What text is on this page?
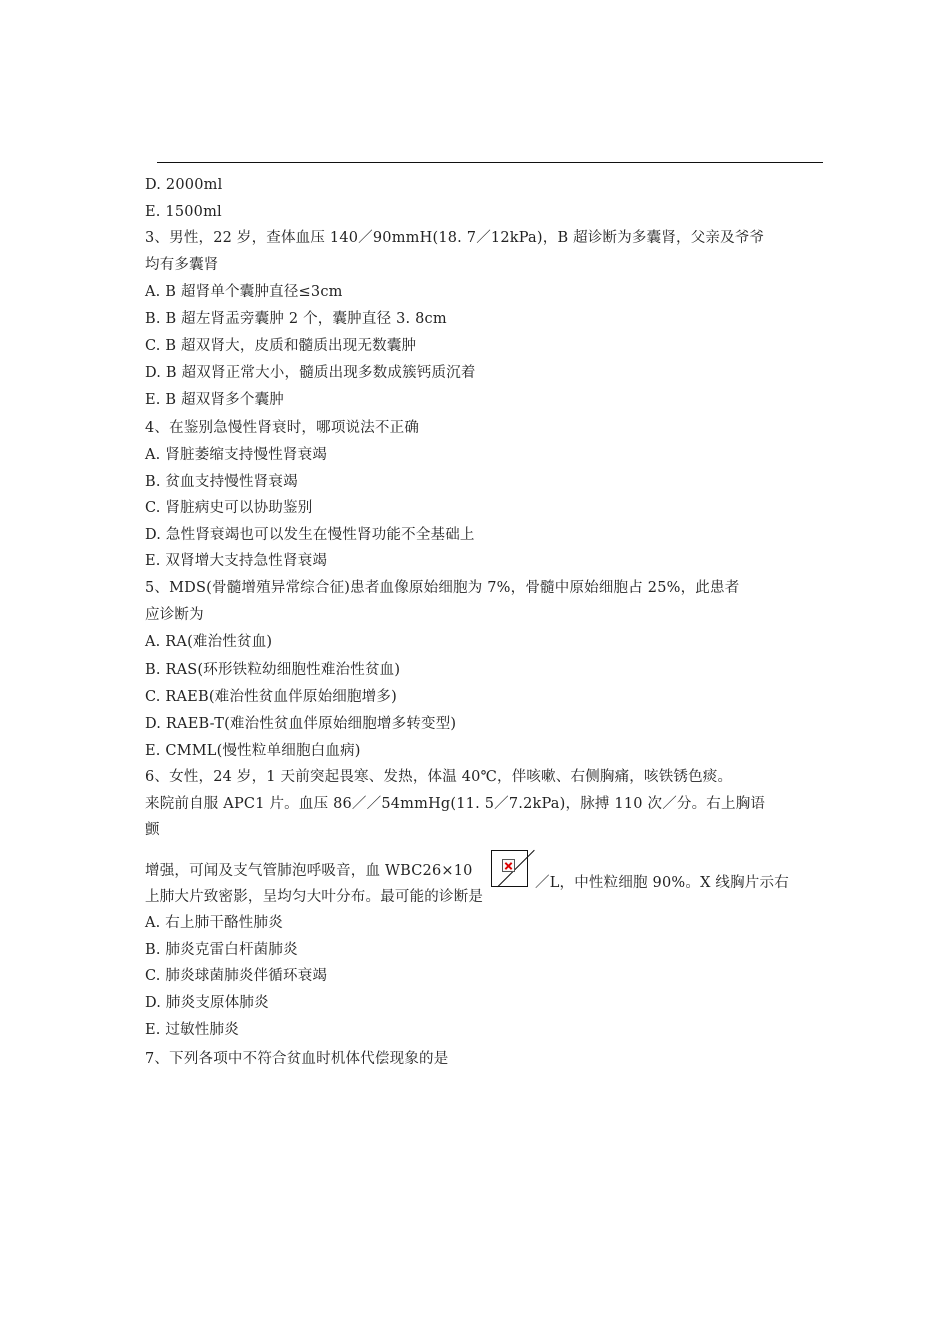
D. 2000ml
E. 1500ml
3、男性，22 岁，查体血压 140／90mmH(18. 7／12kPa)，B 超诊断为多囊肾，父亲及爷爷
均有多囊肾
A. B 超肾单个囊肿直径≤3cm
B. B 超左肾盂旁囊肿 2 个，囊肿直径 3. 8cm
C. B 超双肾大，皮质和髓质出现无数囊肿
D. B 超双肾正常大小，髓质出现多数成簇钙质沉着
E. B 超双肾多个囊肿
4、在鉴别急慢性肾衰时，哪项说法不正确
A. 肾脏萎缩支持慢性肾衰竭
B. 贫血支持慢性肾衰竭
C. 肾脏病史可以协助鉴别
D. 急性肾衰竭也可以发生在慢性肾功能不全基础上
E. 双肾增大支持急性肾衰竭
5、MDS(骨髓增殖异常综合征)患者血像原始细胞为 7%，骨髓中原始细胞占 25%，此患者
应诊断为
A. RA(难治性贫血)
B. RAS(环形铁粒幼细胞性难治性贫血)
C. RAEB(难治性贫血伴原始细胞增多)
D. RAEB-T(难治性贫血伴原始细胞增多转变型)
E. CMML(慢性粒单细胞白血病)
6、女性，24 岁，1 天前突起畏寒、发热，体温 40℃，伴咳嗽、右侧胸痛，咳铁锈色痰。
来院前自服 APC1 片。血压 86／／54mmHg(11. 5／7.2kPa)，脉搏 110 次／分。右上胸语
颤
增强，可闻及支气管肺泡呼吸音，血 WBC26×10
／L，中性粒细胞 90%。X 线胸片示右
上肺大片致密影，呈均匀大叶分布。最可能的诊断是
A. 右上肺干酪性肺炎
B. 肺炎克雷白杆菌肺炎
C. 肺炎球菌肺炎伴循环衰竭
D. 肺炎支原体肺炎
E. 过敏性肺炎
7、下列各项中不符合贫血时机体代偿现象的是
